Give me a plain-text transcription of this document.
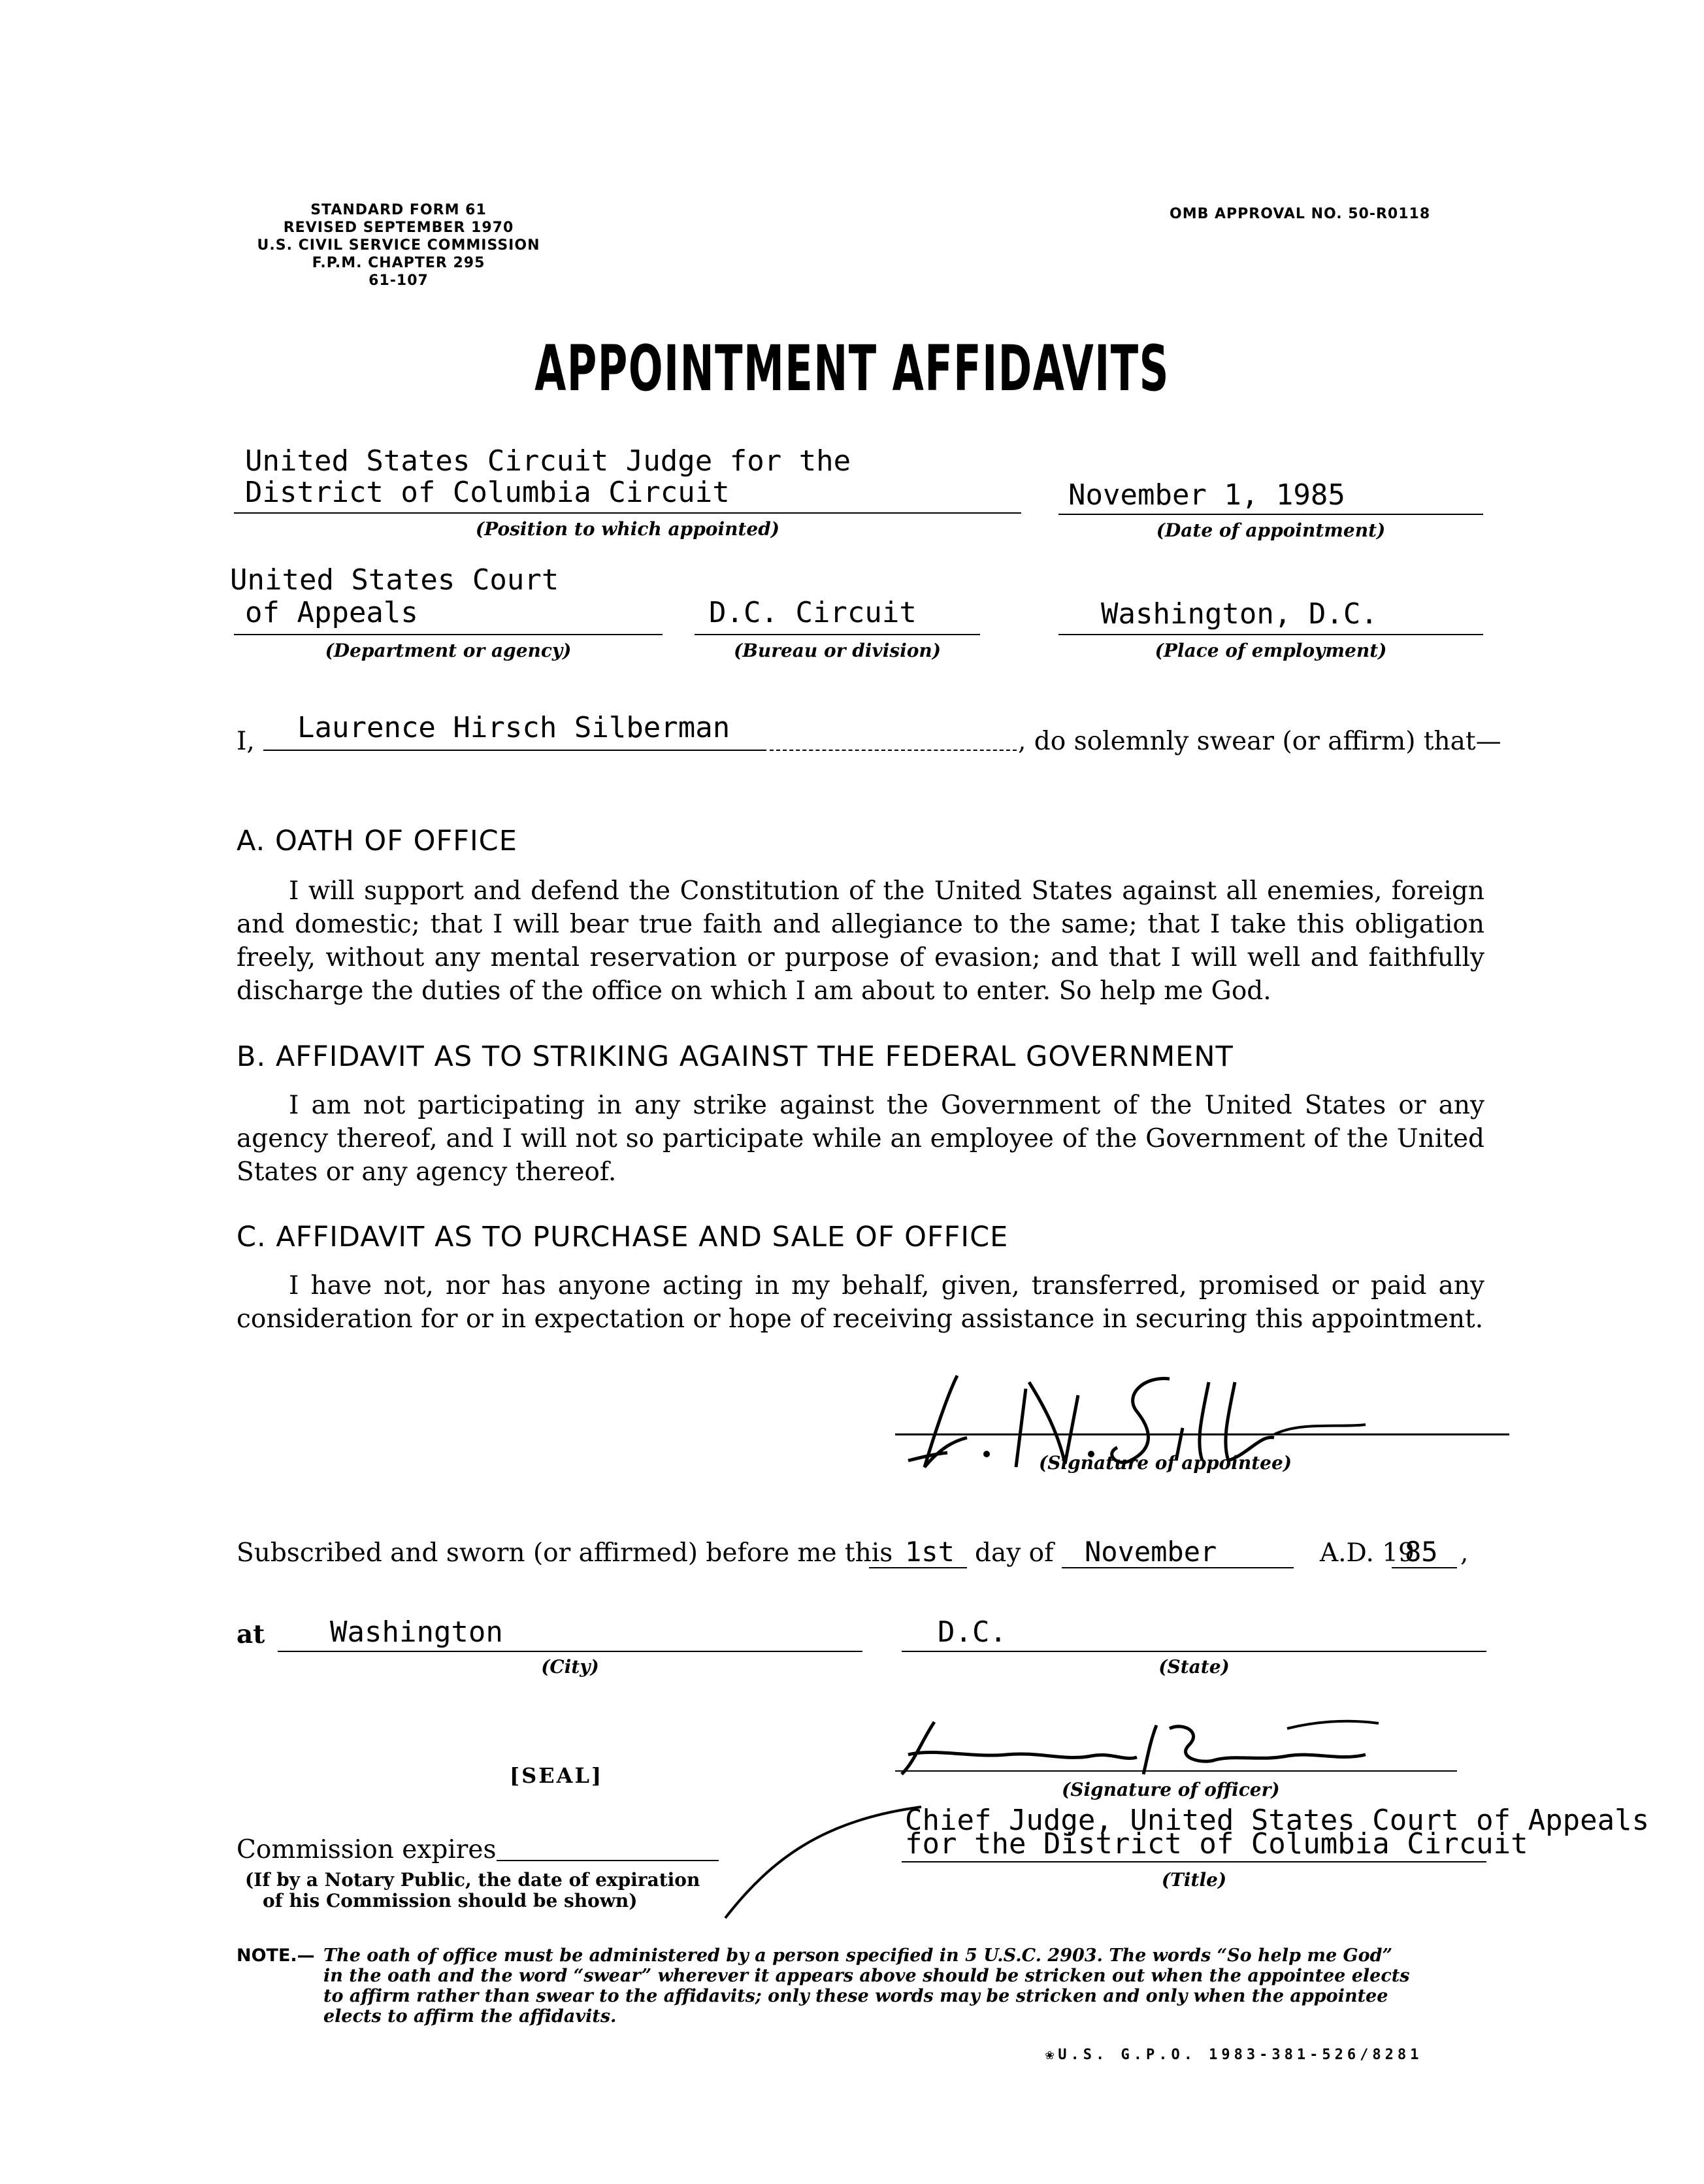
STANDARD FORM 61
REVISED SEPTEMBER 1970
U.S. CIVIL SERVICE COMMISSION
F.P.M. CHAPTER 295
61-107
OMB APPROVAL NO. 50-R0118
APPOINTMENT AFFIDAVITS
United States Circuit Judge for the
District of Columbia Circuit
(Position to which appointed)
November 1, 1985
(Date of appointment)
United States Court
of Appeals
(Department or agency)
D.C. Circuit
(Bureau or division)
Washington, D.C.
(Place of employment)
I, Laurence Hirsch Silberman	, do solemnly swear (or affirm) that—
A. OATH OF OFFICE
I will support and defend the Constitution of the United States against all enemies, foreign and domestic; that I will bear true faith and allegiance to the same; that I take this obligation freely, without any mental reservation or purpose of evasion; and that I will well and faithfully discharge the duties of the office on which I am about to enter. So help me God.
B. AFFIDAVIT AS TO STRIKING AGAINST THE FEDERAL GOVERNMENT
I am not participating in any strike against the Government of the United States or any agency thereof, and I will not so participate while an employee of the Government of the United States or any agency thereof.
C. AFFIDAVIT AS TO PURCHASE AND SALE OF OFFICE
I have not, nor has anyone acting in my behalf, given, transferred, promised or paid any consideration for or in expectation or hope of receiving assistance in securing this appointment.
(Signature of appointee)
Subscribed and sworn (or affirmed) before me this 1st day of November	A.D. 19
85 ,
at Washington
(City)
D.C.
(State)
[SEAL]
(Signature of officer)
Chief Judge, United States Court of Appeals
for the District of Columbia Circuit
(Title)
Commission expires
(If by a Notary Public, the date of expiration
of his Commission should be shown)
NOTE.— The oath of office must be administered by a person specified in 5 U.S.C. 2903. The words “So help me God”
in the oath and the word “swear” wherever it appears above should be stricken out when the appointee elects
to affirm rather than swear to the affidavits; only these words may be stricken and only when the appointee
elects to affirm the affidavits.
❀U.S. G.P.O. 1983-381-526/8281
